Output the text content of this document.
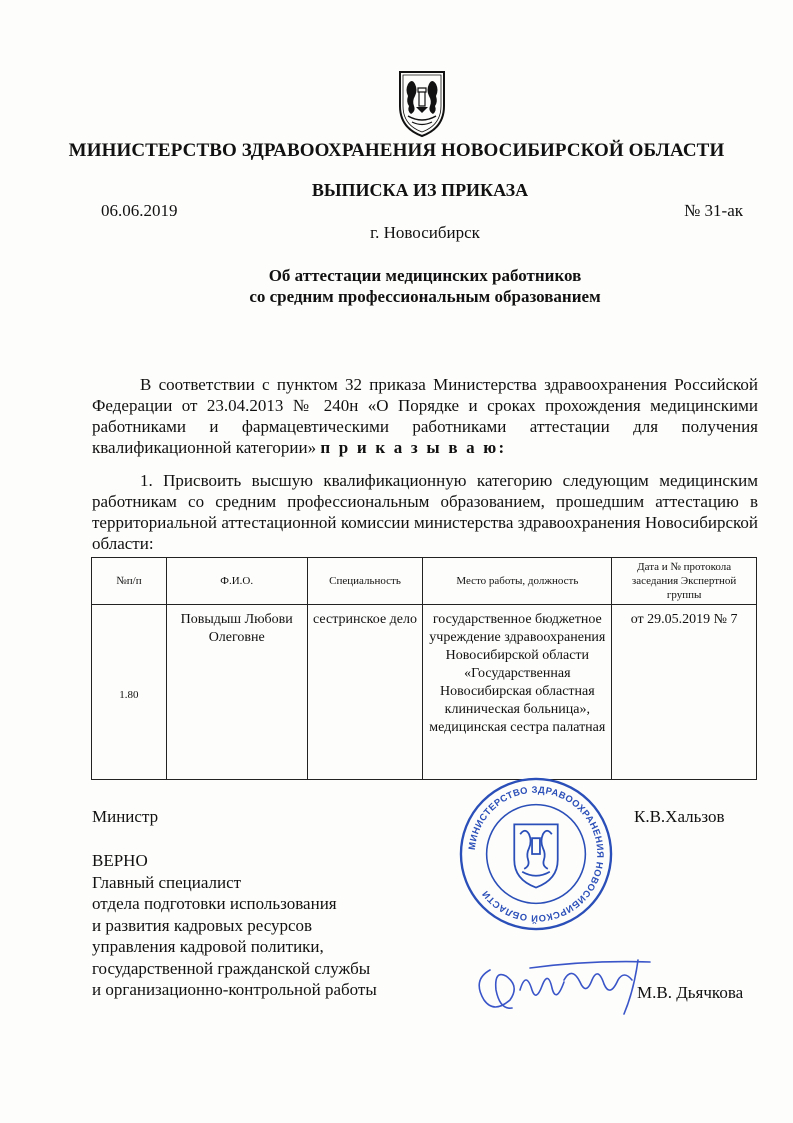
МИНИСТЕРСТВО ЗДРАВООХРАНЕНИЯ НОВОСИБИРСКОЙ ОБЛАСТИ
ВЫПИСКА ИЗ ПРИКАЗА
06.06.2019	№ 31-ак
г. Новосибирск
Об аттестации медицинских работников
со средним профессиональным образованием
В соответствии с пунктом 32 приказа Министерства здравоохранения Российской Федерации от 23.04.2013 № 240н «О Порядке и сроках прохождения медицинскими работниками и фармацевтическими работниками аттестации для получения квалификационной категории» п р и к а з ы в а ю:
1. Присвоить высшую квалификационную категорию следующим медицинским работникам со средним профессиональным образованием, прошедшим аттестацию в территориальной аттестационной комиссии министерства здравоохранения Новосибирской области:
№п/п	Ф.И.О.	Специальность	Место работы, должность	Дата и № протокола заседания Экспертной группы
1.80	Повыдыш Любови Олеговне	сестринское дело	государственное бюджетное учреждение здравоохранения Новосибирской области «Государственная Новосибирская областная клиническая больница», медицинская сестра палатная	от 29.05.2019 № 7
Министр	К.В.Хальзов
ВЕРНО
Главный специалист
отдела подготовки использования
и развития кадровых ресурсов
управления кадровой политики,
государственной гражданской службы
и организационно-контрольной работы	М.В. Дьячкова
МИНИСТЕРСТВО ЗДРАВООХРАНЕНИЯ НОВОСИБИРСКОЙ ОБЛАСТИ
